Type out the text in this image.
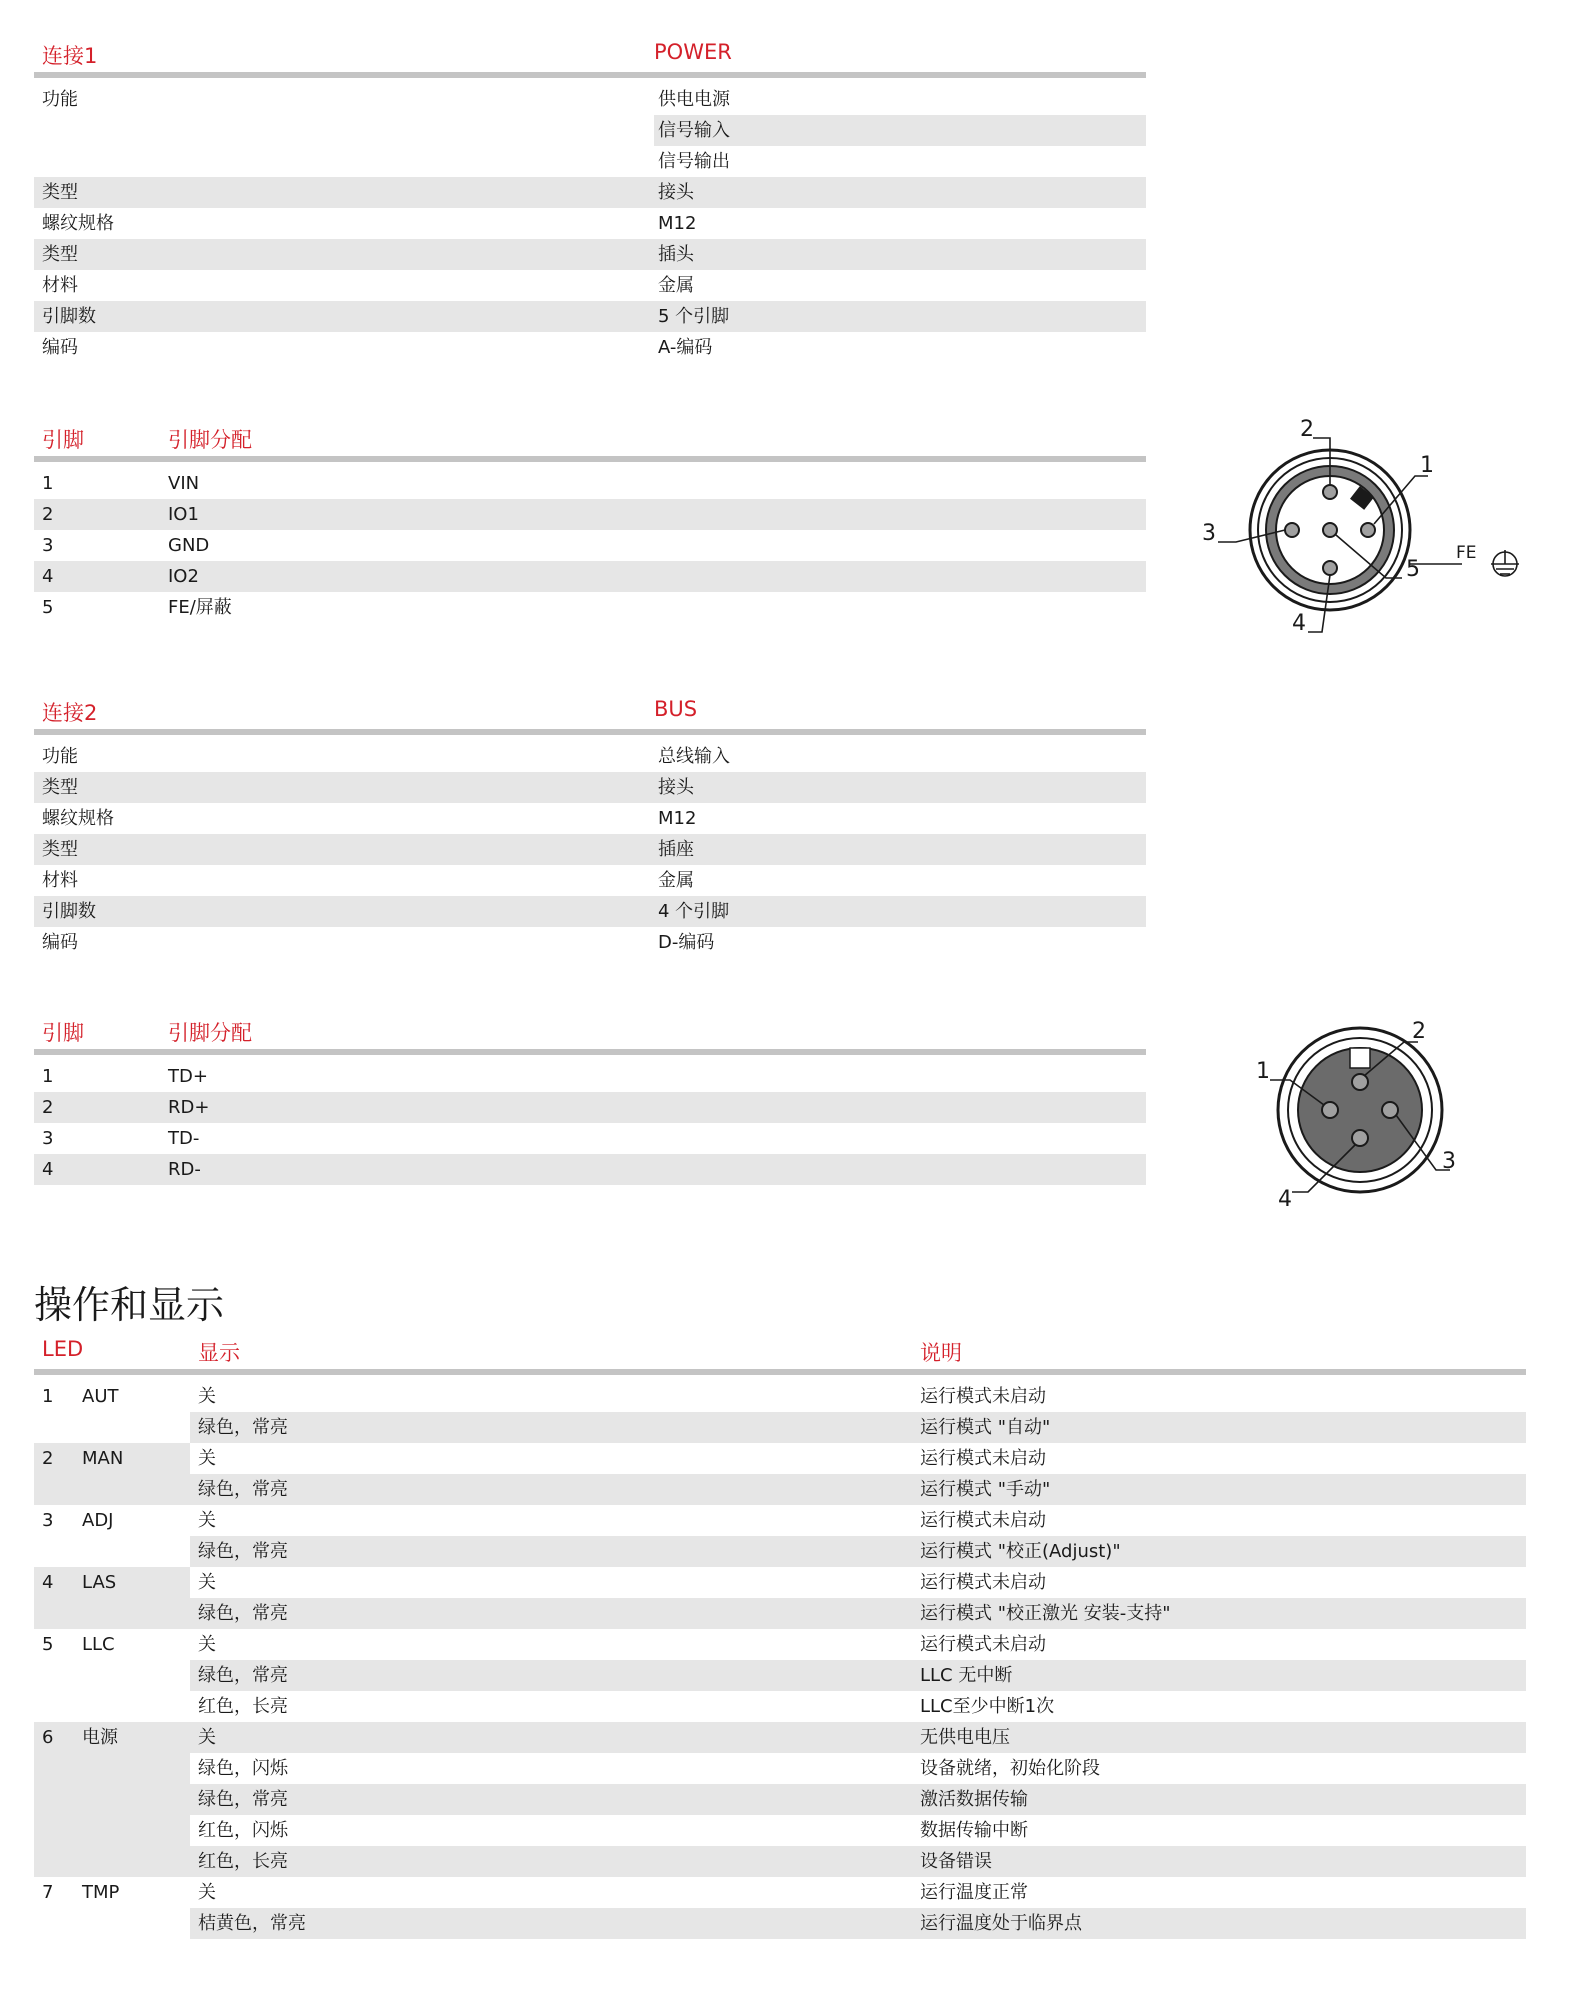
连接1	POWER
功能	供电电源
信号输入
信号输出
类型	接头
螺纹规格	M12
类型	插头
材料	金属
引脚数	5 个引脚
编码	A-编码
引脚	引脚分配
1	VIN
2	IO1
3	GND
4	IO2
5	FE/屏蔽
连接2	BUS
功能	总线输入
类型	接头
螺纹规格	M12
类型	插座
材料	金属
引脚数	4 个引脚
编码	D-编码
引脚	引脚分配
1	TD+
2	RD+
3	TD-
4	RD-
2
1
3
4
5
FE
1
2
3
4
操作和显示
LED	显示	说明
1 AUT	关	运行模式未启动
绿色，常亮	运行模式 "自动"
2 MAN	关	运行模式未启动
绿色，常亮	运行模式 "手动"
3 ADJ	关	运行模式未启动
绿色，常亮	运行模式 "校正(Adjust)"
4 LAS	关	运行模式未启动
绿色，常亮	运行模式 "校正激光 安装-支持"
5 LLC	关	运行模式未启动
绿色，常亮	LLC 无中断
红色，长亮	LLC至少中断1次
6 电源	关	无供电电压
绿色，闪烁	设备就绪，初始化阶段
绿色，常亮	激活数据传输
红色，闪烁	数据传输中断
红色，长亮	设备错误
7 TMP	关	运行温度正常
桔黄色，常亮	运行温度处于临界点
